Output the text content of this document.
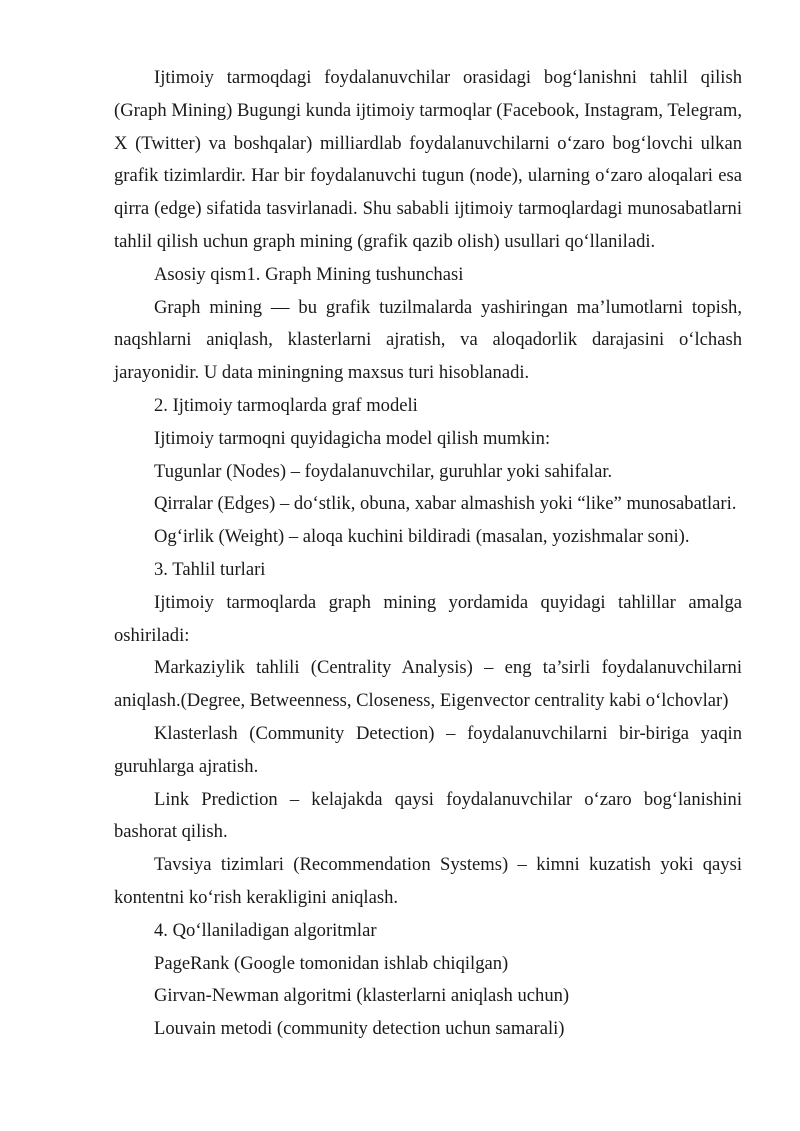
Ijtimoiy tarmoqdagi foydalanuvchilar orasidagi bog‘lanishni tahlil qilish (Graph Mining) Bugungi kunda ijtimoiy tarmoqlar (Facebook, Instagram, Telegram, X (Twitter) va boshqalar) milliardlab foydalanuvchilarni o‘zaro bog‘lovchi ulkan grafik tizimlardir. Har bir foydalanuvchi tugun (node), ularning o‘zaro aloqalari esa qirra (edge) sifatida tasvirlanadi. Shu sababli ijtimoiy tarmoqlardagi munosabatlarni tahlil qilish uchun graph mining (grafik qazib olish) usullari qo‘llaniladi.

Asosiy qism1. Graph Mining tushunchasi

Graph mining — bu grafik tuzilmalarda yashiringan ma’lumotlarni topish, naqshlarni aniqlash, klasterlarni ajratish, va aloqadorlik darajasini o‘lchash jarayonidir. U data miningning maxsus turi hisoblanadi.

2. Ijtimoiy tarmoqlarda graf modeli

Ijtimoiy tarmoqni quyidagicha model qilish mumkin:

Tugunlar (Nodes) – foydalanuvchilar, guruhlar yoki sahifalar.

Qirralar (Edges) – do‘stlik, obuna, xabar almashish yoki “like” munosabatlari.

Og‘irlik (Weight) – aloqa kuchini bildiradi (masalan, yozishmalar soni).

3. Tahlil turlari

Ijtimoiy tarmoqlarda graph mining yordamida quyidagi tahlillar amalga oshiriladi:

Markaziylik tahlili (Centrality Analysis) – eng ta’sirli foydalanuvchilarni aniqlash.(Degree, Betweenness, Closeness, Eigenvector centrality kabi o‘lchovlar)

Klasterlash (Community Detection) – foydalanuvchilarni bir-biriga yaqin guruhlarga ajratish.

Link Prediction – kelajakda qaysi foydalanuvchilar o‘zaro bog‘lanishini bashorat qilish.

Tavsiya tizimlari (Recommendation Systems) – kimni kuzatish yoki qaysi kontentni ko‘rish kerakligini aniqlash.

4. Qo‘llaniladigan algoritmlar

PageRank (Google tomonidan ishlab chiqilgan)

Girvan-Newman algoritmi (klasterlarni aniqlash uchun)

Louvain metodi (community detection uchun samarali)
